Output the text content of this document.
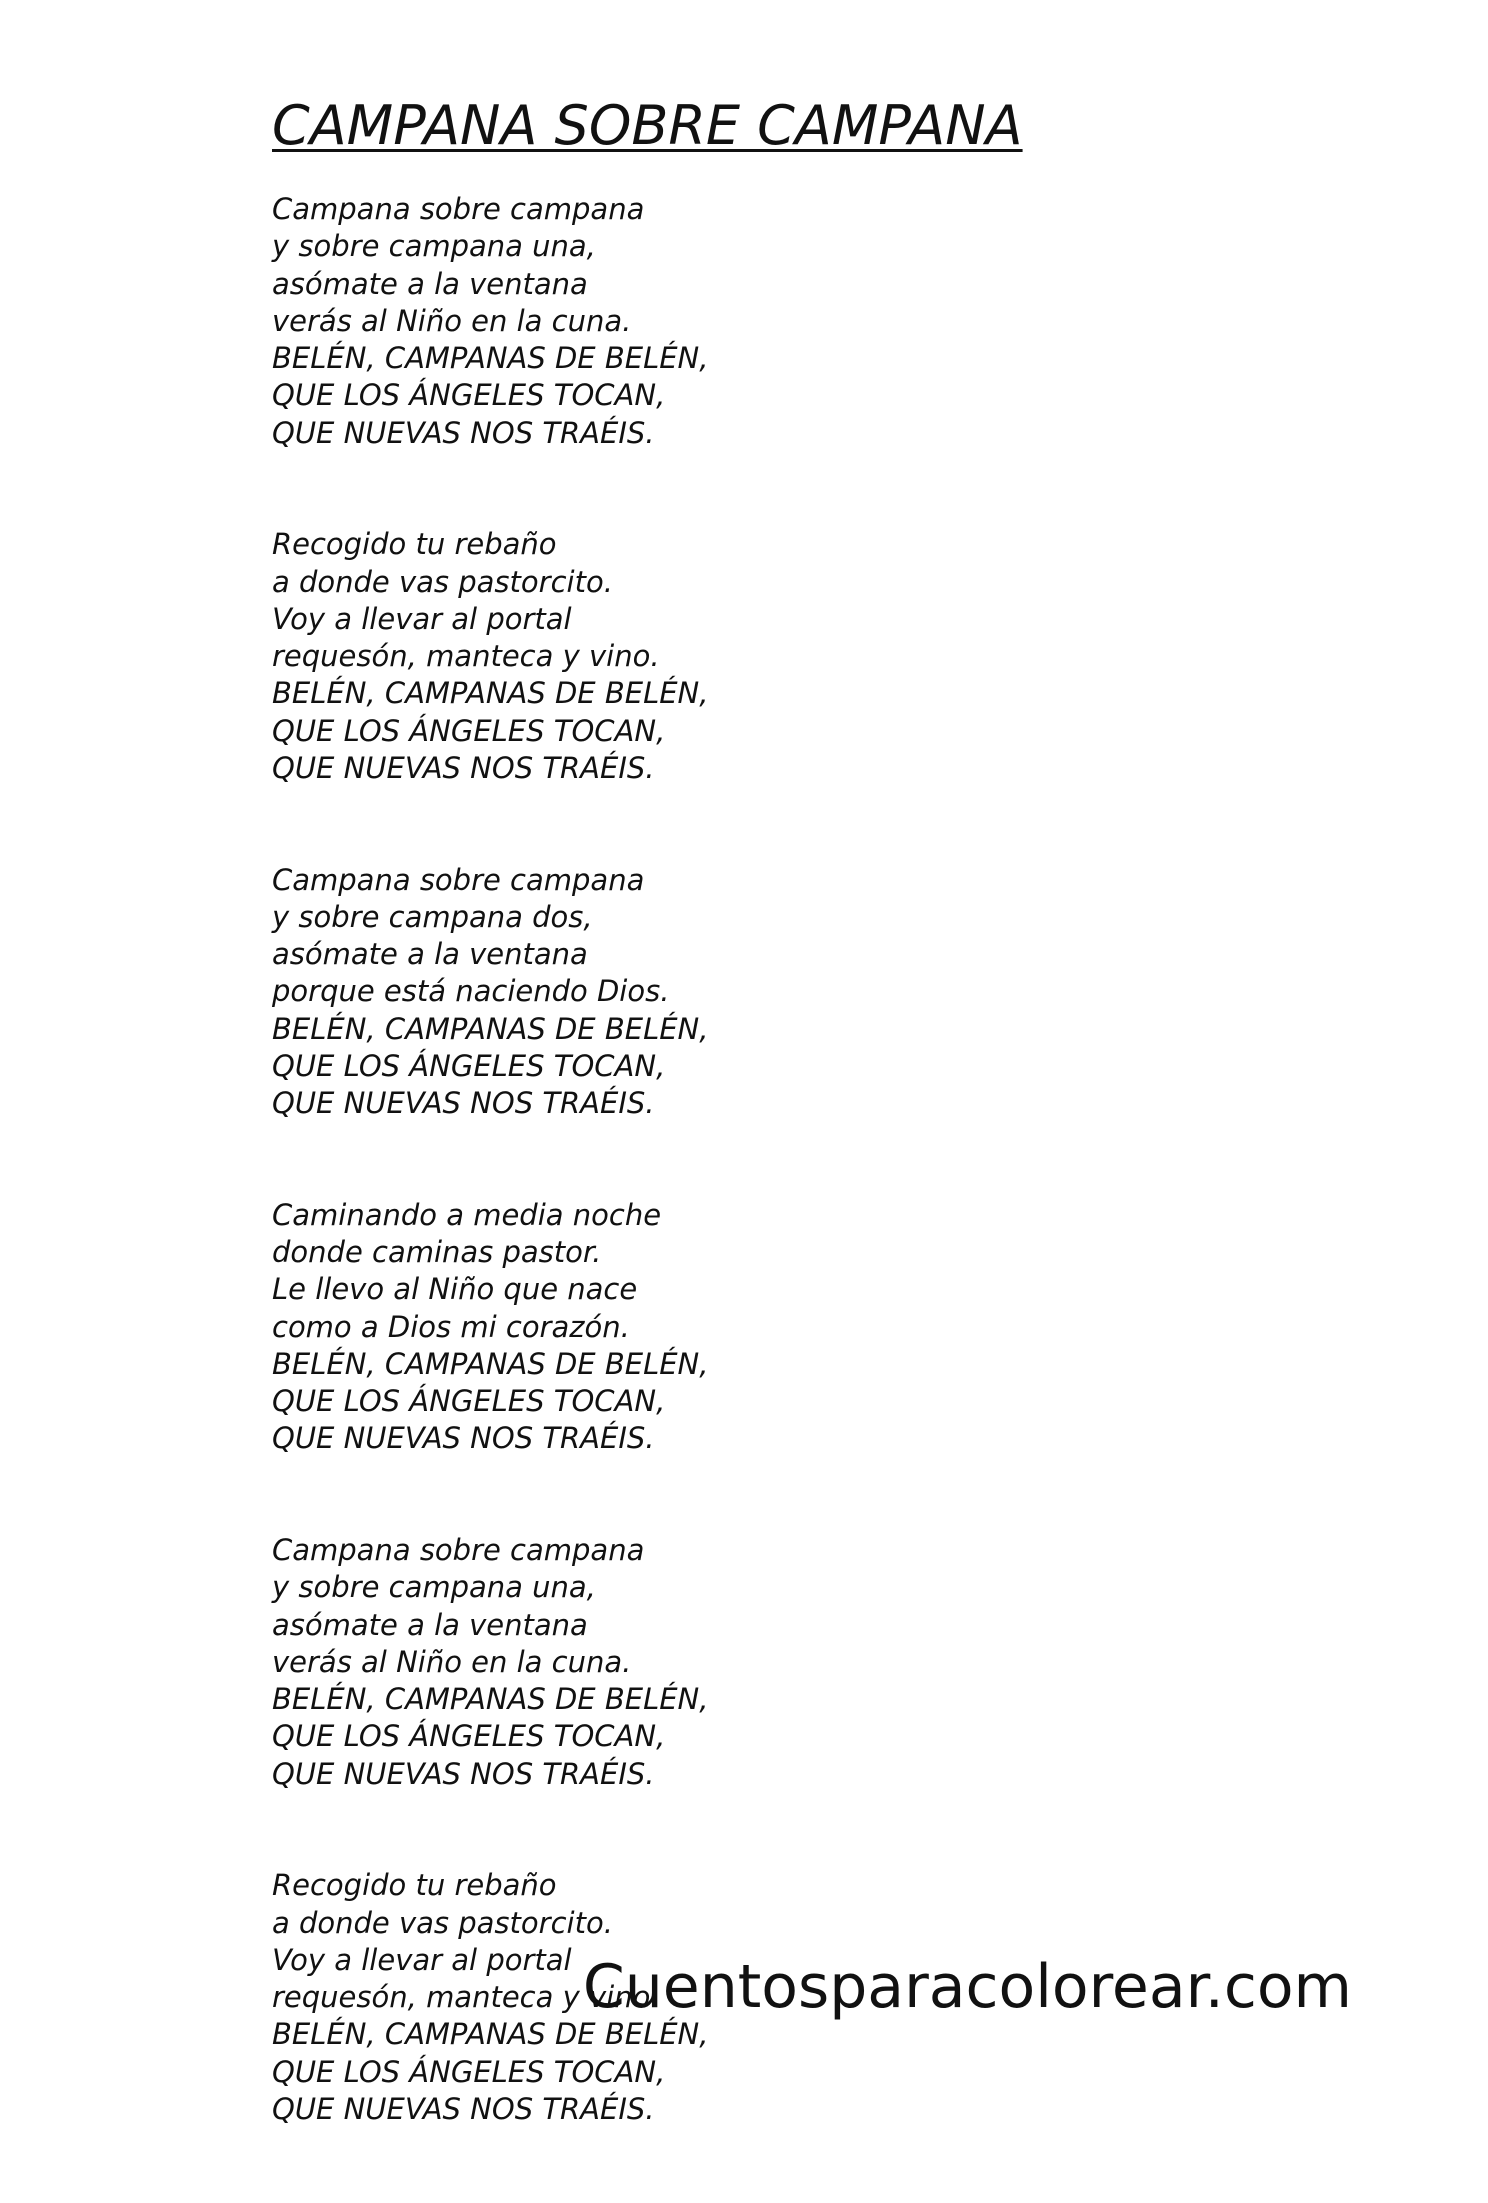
CAMPANA SOBRE CAMPANA
Campana sobre campana
y sobre campana una,
asómate a la ventana
verás al Niño en la cuna.
BELÉN, CAMPANAS DE BELÉN,
QUE LOS ÁNGELES TOCAN,
QUE NUEVAS NOS TRAÉIS.
Recogido tu rebaño
a donde vas pastorcito.
Voy a llevar al portal
requesón, manteca y vino.
BELÉN, CAMPANAS DE BELÉN,
QUE LOS ÁNGELES TOCAN,
QUE NUEVAS NOS TRAÉIS.
Campana sobre campana
y sobre campana dos,
asómate a la ventana
porque está naciendo Dios.
BELÉN, CAMPANAS DE BELÉN,
QUE LOS ÁNGELES TOCAN,
QUE NUEVAS NOS TRAÉIS.
Caminando a media noche
donde caminas pastor.
Le llevo al Niño que nace
como a Dios mi corazón.
BELÉN, CAMPANAS DE BELÉN,
QUE LOS ÁNGELES TOCAN,
QUE NUEVAS NOS TRAÉIS.
Campana sobre campana
y sobre campana una,
asómate a la ventana
verás al Niño en la cuna.
BELÉN, CAMPANAS DE BELÉN,
QUE LOS ÁNGELES TOCAN,
QUE NUEVAS NOS TRAÉIS.
Recogido tu rebaño
a donde vas pastorcito.
Voy a llevar al portal
requesón, manteca y vino.
BELÉN, CAMPANAS DE BELÉN,
QUE LOS ÁNGELES TOCAN,
QUE NUEVAS NOS TRAÉIS.
Cuentosparacolorear.com
